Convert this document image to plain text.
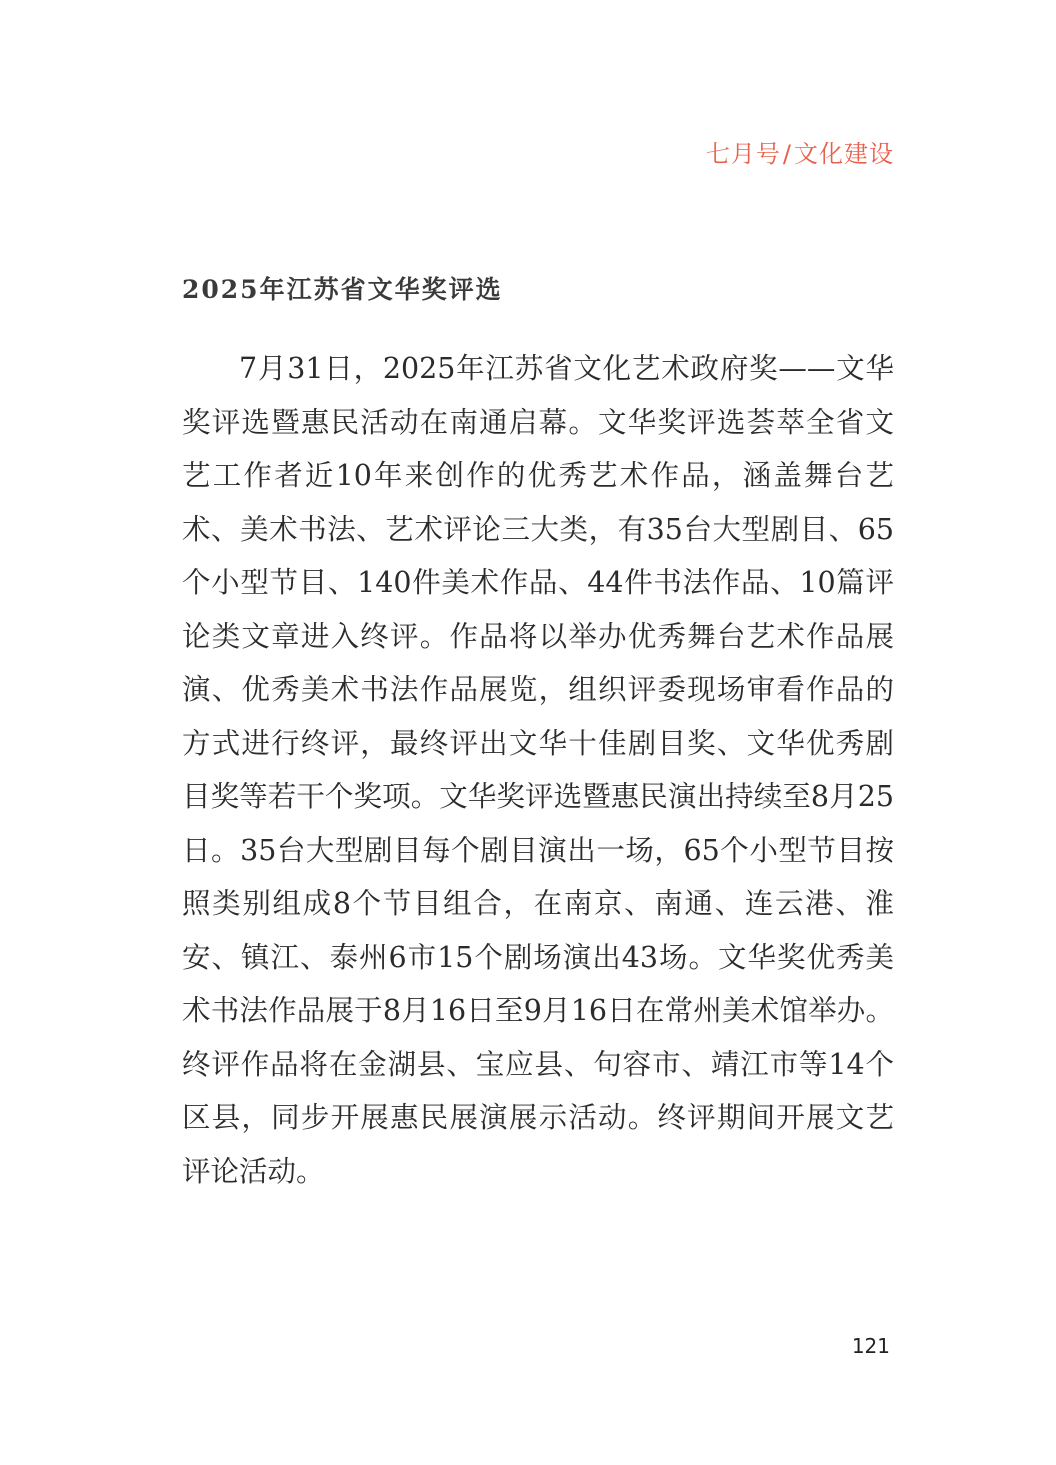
七月号/文化建设
2025年江苏省文华奖评选

7月31日，2025年江苏省文化艺术政府奖——文华奖评选暨惠民活动在南通启幕。文华奖评选荟萃全省文艺工作者近10年来创作的优秀艺术作品，涵盖舞台艺术、美术书法、艺术评论三大类，有35台大型剧目、65个小型节目、140件美术作品、44件书法作品、10篇评论类文章进入终评。作品将以举办优秀舞台艺术作品展演、优秀美术书法作品展览，组织评委现场审看作品的方式进行终评，最终评出文华十佳剧目奖、文华优秀剧目奖等若干个奖项。文华奖评选暨惠民演出持续至8月25日。35台大型剧目每个剧目演出一场，65个小型节目按照类别组成8个节目组合，在南京、南通、连云港、淮安、镇江、泰州6市15个剧场演出43场。文华奖优秀美术书法作品展于8月16日至9月16日在常州美术馆举办。终评作品将在金湖县、宝应县、句容市、靖江市等14个区县，同步开展惠民展演展示活动。终评期间开展文艺评论活动。

121
